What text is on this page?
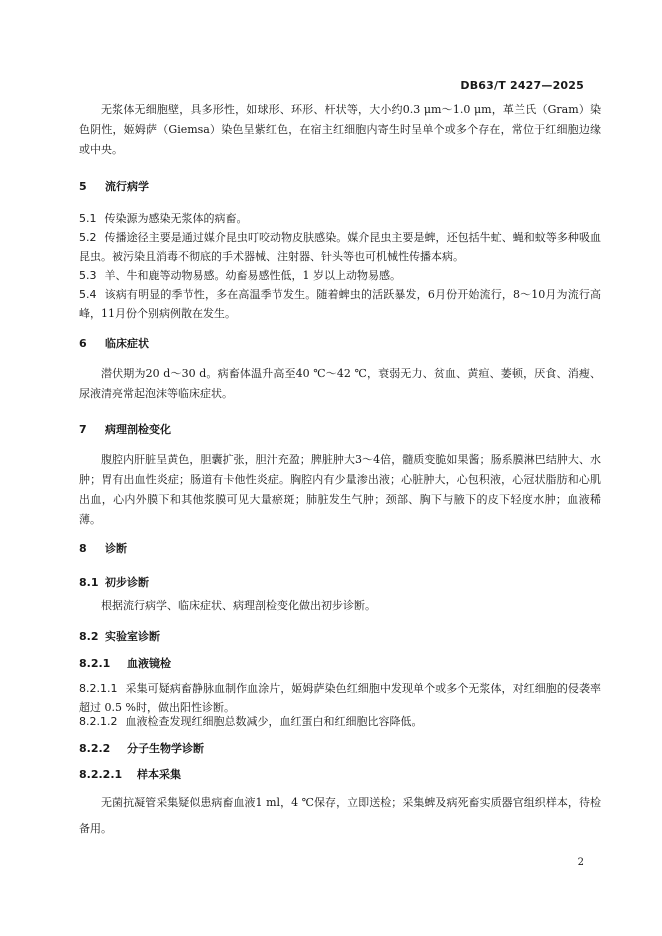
DB63/T 2427—2025

无浆体无细胞壁，具多形性，如球形、环形、杆状等，大小约0.3 μm～1.0 μm，革兰氏（Gram）染色阴性，姬姆萨（Giemsa）染色呈紫红色，在宿主红细胞内寄生时呈单个或多个存在，常位于红细胞边缘或中央。

5 流行病学
5.1 传染源为感染无浆体的病畜。
5.2 传播途径主要是通过媒介昆虫叮咬动物皮肤感染。媒介昆虫主要是蜱，还包括牛虻、蝇和蚊等多种吸血昆虫。被污染且消毒不彻底的手术器械、注射器、针头等也可机械性传播本病。
5.3 羊、牛和鹿等动物易感。幼畜易感性低，1 岁以上动物易感。
5.4 该病有明显的季节性，多在高温季节发生。随着蜱虫的活跃暴发，6月份开始流行，8～10月为流行高峰，11月份个别病例散在发生。
6 临床症状

潜伏期为20 d～30 d。病畜体温升高至40 ℃～42 ℃，衰弱无力、贫血、黄疸、萎顿，厌食、消瘦、尿液清亮常起泡沫等临床症状。

7 病理剖检变化

腹腔内肝脏呈黄色，胆囊扩张，胆汁充盈；脾脏肿大3～4倍，髓质变脆如果酱；肠系膜淋巴结肿大、水肿；胃有出血性炎症；肠道有卡他性炎症。胸腔内有少量渗出液；心脏肿大，心包积液，心冠状脂肪和心肌出血，心内外膜下和其他浆膜可见大量瘀斑；肺脏发生气肿；颈部、胸下与腋下的皮下轻度水肿；血液稀薄。

8 诊断
8.1 初步诊断

根据流行病学、临床症状、病理剖检变化做出初步诊断。

8.2 实验室诊断
8.2.1 血液镜检
8.2.1.1 采集可疑病畜静脉血制作血涂片，姬姆萨染色红细胞中发现单个或多个无浆体，对红细胞的侵袭率超过 0.5 %时，做出阳性诊断。
8.2.1.2 血液检查发现红细胞总数减少，血红蛋白和红细胞比容降低。
8.2.2 分子生物学诊断
8.2.2.1 样本采集

无菌抗凝管采集疑似患病畜血液1 ml，4 ℃保存，立即送检；采集蜱及病死畜实质器官组织样本，待检备用。

2
